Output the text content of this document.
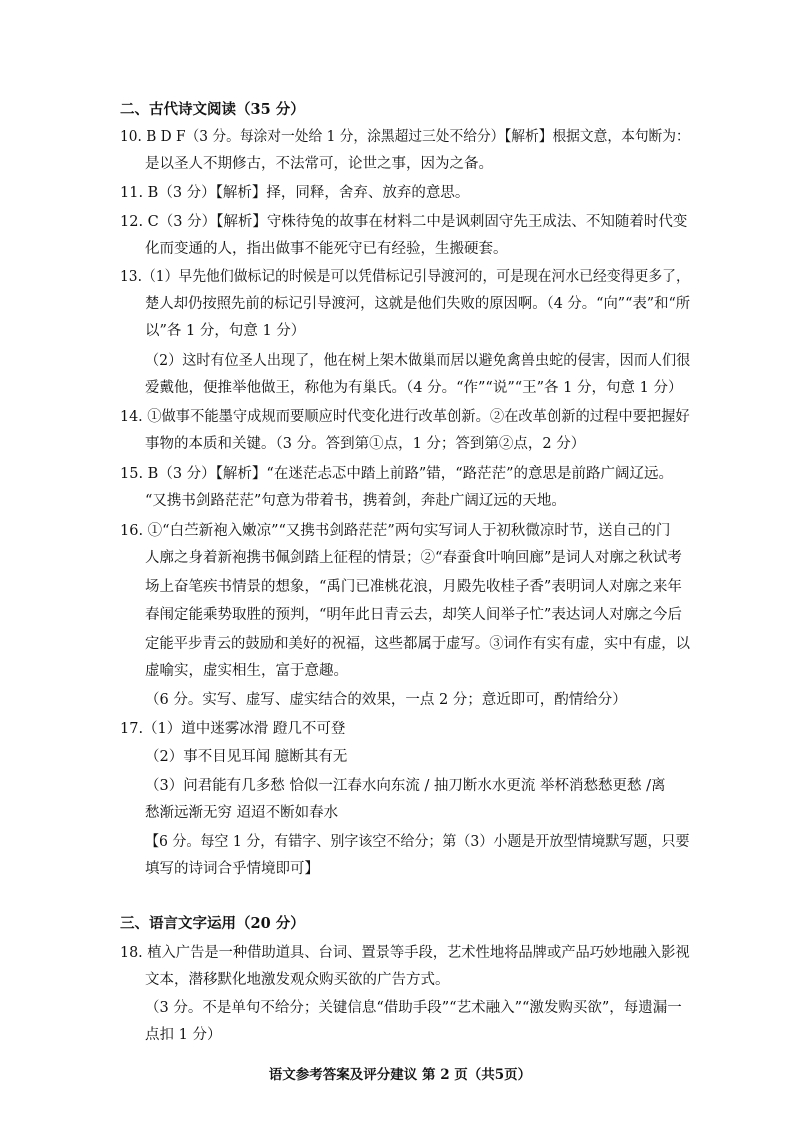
二、古代诗文阅读（35 分）
10. B D F（3 分。每涂对一处给 1 分，涂黑超过三处不给分）【解析】根据文意，本句断为：
是以圣人不期修古，不法常可，论世之事，因为之备。
11. B（3 分）【解析】择，同释，舍弃、放弃的意思。
12. C（3 分）【解析】守株待兔的故事在材料二中是讽刺固守先王成法、不知随着时代变
化而变通的人，指出做事不能死守已有经验，生搬硬套。
13.（1）早先他们做标记的时候是可以凭借标记引导渡河的，可是现在河水已经变得更多了，
楚人却仍按照先前的标记引导渡河，这就是他们失败的原因啊。（4 分。“向”“表”和“所
以”各 1 分，句意 1 分）
（2）这时有位圣人出现了，他在树上架木做巢而居以避免禽兽虫蛇的侵害，因而人们很
爱戴他，便推举他做王，称他为有巢氏。（4 分。“作”“说”“王”各 1 分，句意 1 分）
14. ①做事不能墨守成规而要顺应时代变化进行改革创新。②在改革创新的过程中要把握好
事物的本质和关键。（3 分。答到第①点，1 分；答到第②点，2 分）
15. B（3 分）【解析】“在迷茫忐忑中踏上前路”错，“路茫茫”的意思是前路广阔辽远。
“又携书剑路茫茫”句意为带着书，携着剑，奔赴广阔辽远的天地。
16. ①“白苎新袍入嫩凉”“又携书剑路茫茫”两句实写词人于初秋微凉时节，送自己的门
人廓之身着新袍携书佩剑踏上征程的情景；②“春蚕食叶响回廊”是词人对廓之秋试考
场上奋笔疾书情景的想象，“禹门已准桃花浪，月殿先收桂子香”表明词人对廓之来年
春闱定能乘势取胜的预判，“明年此日青云去，却笑人间举子忙”表达词人对廓之今后
定能平步青云的鼓励和美好的祝福，这些都属于虚写。③词作有实有虚，实中有虚，以
虚喻实，虚实相生，富于意趣。
（6 分。实写、虚写、虚实结合的效果，一点 2 分；意近即可，酌情给分）
17.（1）道中迷雾冰滑 蹬几不可登
（2）事不目见耳闻 臆断其有无
（3）问君能有几多愁 恰似一江春水向东流 / 抽刀断水水更流 举杯消愁愁更愁 /离
愁渐远渐无穷 迢迢不断如春水
【6 分。每空 1 分，有错字、别字该空不给分；第（3）小题是开放型情境默写题，只要
填写的诗词合乎情境即可】
三、语言文字运用（20 分）
18. 植入广告是一种借助道具、台词、置景等手段，艺术性地将品牌或产品巧妙地融入影视
文本，潜移默化地激发观众购买欲的广告方式。
（3 分。不是单句不给分；关键信息“借助手段”“艺术融入”“激发购买欲”，每遗漏一
点扣 1 分）
语文参考答案及评分建议 第 2 页（共5页）
